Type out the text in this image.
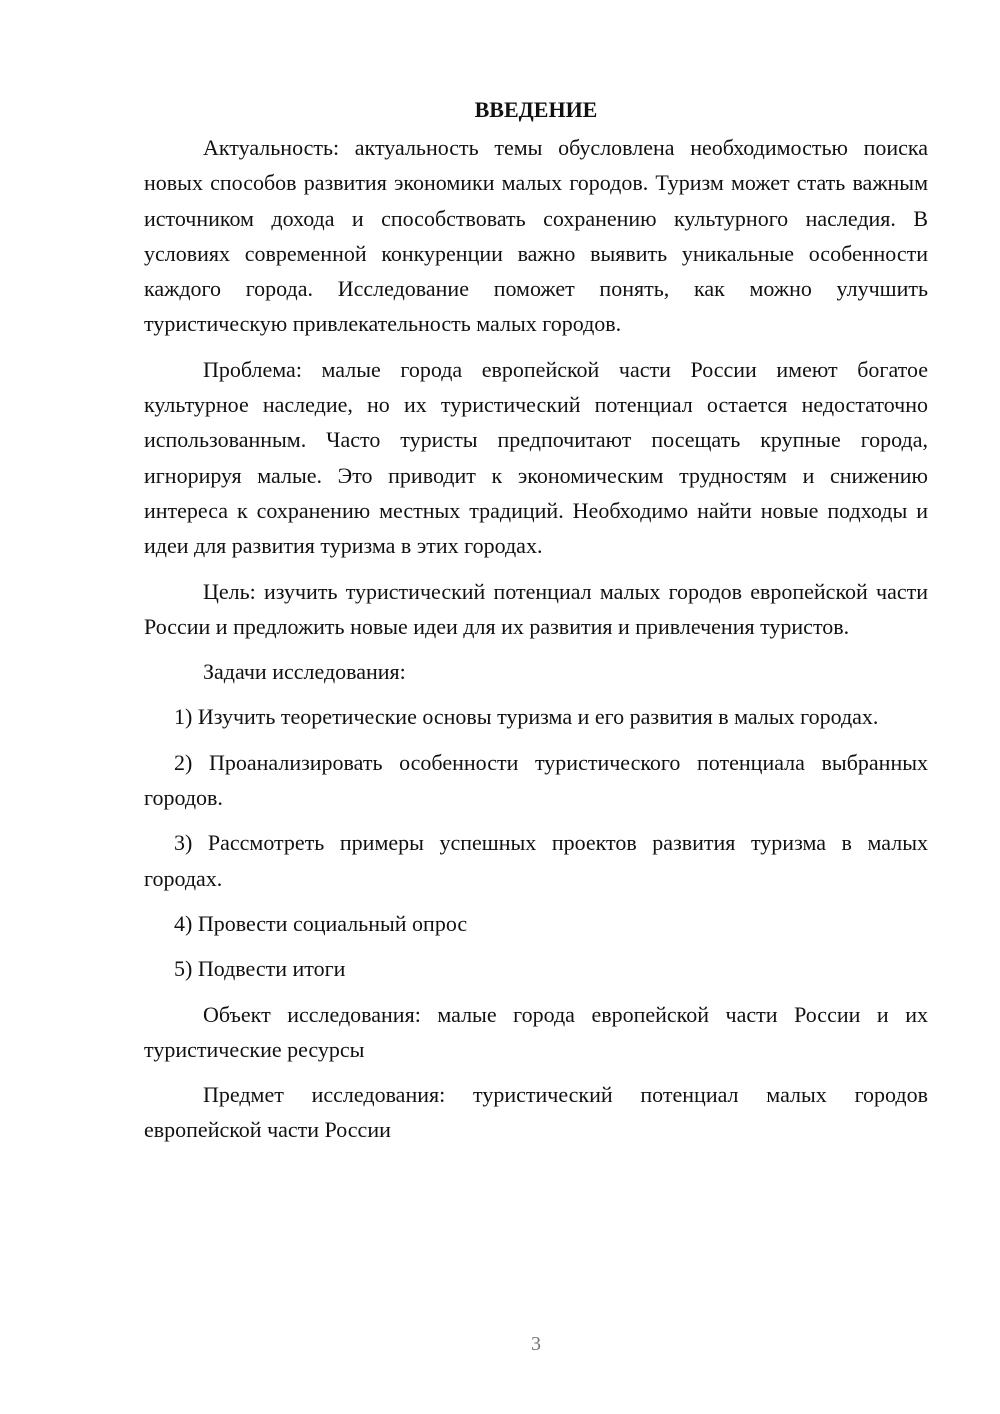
ВВЕДЕНИЕ

Актуальность: актуальность темы обусловлена необходимостью поиска новых способов развития экономики малых городов. Туризм может стать важным источником дохода и способствовать сохранению культурного наследия. В условиях современной конкуренции важно выявить уникальные особенности каждого города. Исследование поможет понять, как можно улучшить туристическую привлекательность малых городов.

Проблема: малые города европейской части России имеют богатое культурное наследие, но их туристический потенциал остается недостаточно использованным. Часто туристы предпочитают посещать крупные города, игнорируя малые. Это приводит к экономическим трудностям и снижению интереса к сохранению местных традиций. Необходимо найти новые подходы и идеи для развития туризма в этих городах.

Цель: изучить туристический потенциал малых городов европейской части России и предложить новые идеи для их развития и привлечения туристов.

Задачи исследования:

1) Изучить теоретические основы туризма и его развития в малых городах.

2) Проанализировать особенности туристического потенциала выбранных городов.

3) Рассмотреть примеры успешных проектов развития туризма в малых городах.

4) Провести социальный опрос

5) Подвести итоги

Объект исследования: малые города европейской части России и их туристические ресурсы

Предмет исследования: туристический потенциал малых городов европейской части России

3
